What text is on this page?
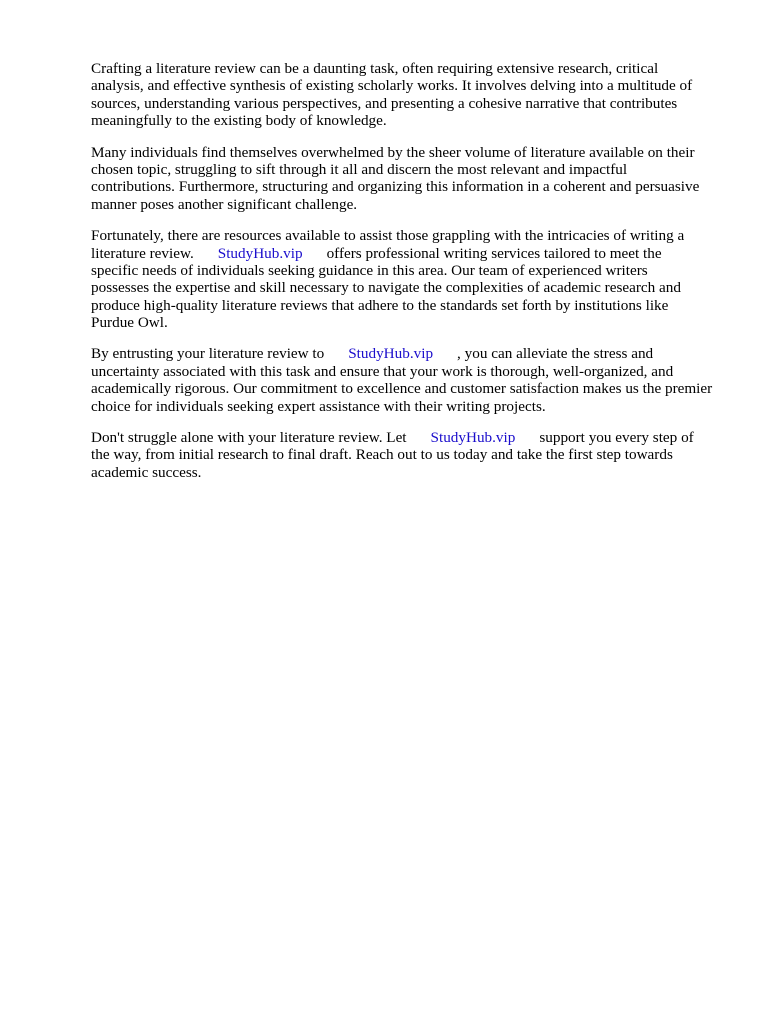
Crafting a literature review can be a daunting task, often requiring extensive research, critical
analysis, and effective synthesis of existing scholarly works. It involves delving into a multitude of
sources, understanding various perspectives, and presenting a cohesive narrative that contributes
meaningfully to the existing body of knowledge.

Many individuals find themselves overwhelmed by the sheer volume of literature available on their
chosen topic, struggling to sift through it all and discern the most relevant and impactful
contributions. Furthermore, structuring and organizing this information in a coherent and persuasive
manner poses another significant challenge.

Fortunately, there are resources available to assist those grappling with the intricacies of writing a
literature review. StudyHub.vip offers professional writing services tailored to meet the
specific needs of individuals seeking guidance in this area. Our team of experienced writers
possesses the expertise and skill necessary to navigate the complexities of academic research and
produce high-quality literature reviews that adhere to the standards set forth by institutions like
Purdue Owl.

By entrusting your literature review to StudyHub.vip , you can alleviate the stress and
uncertainty associated with this task and ensure that your work is thorough, well-organized, and
academically rigorous. Our commitment to excellence and customer satisfaction makes us the premier
choice for individuals seeking expert assistance with their writing projects.

Don't struggle alone with your literature review. Let StudyHub.vip support you every step of
the way, from initial research to final draft. Reach out to us today and take the first step towards
academic success.
